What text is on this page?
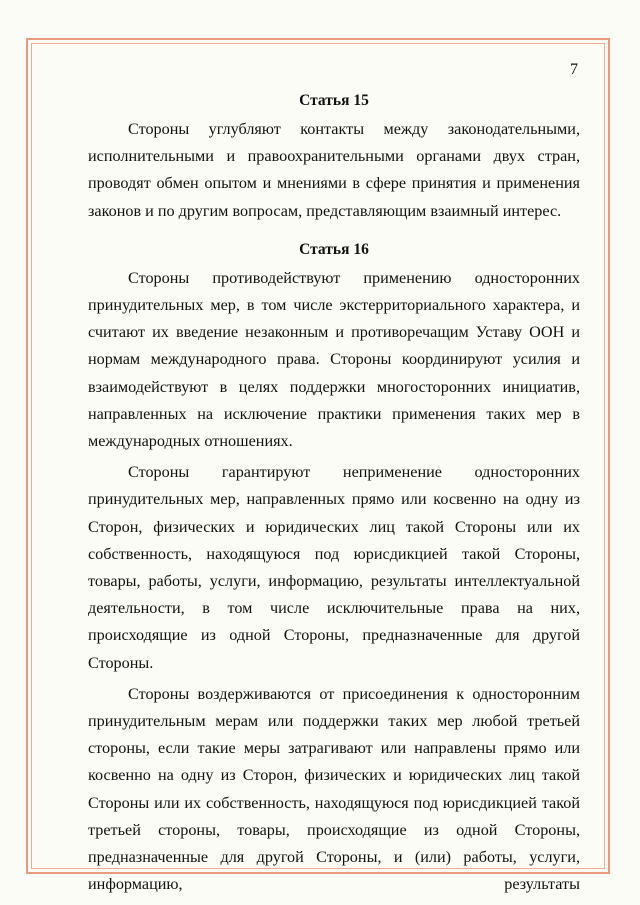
7
Статья 15

Стороны углубляют контакты между законодательными, исполнительными и правоохранительными органами двух стран, проводят обмен опытом и мнениями в сфере принятия и применения законов и по другим вопросам, представляющим взаимный интерес.

Статья 16

Стороны противодействуют применению односторонних принудительных мер, в том числе экстерриториального характера, и считают их введение незаконным и противоречащим Уставу ООН и нормам международного права. Стороны координируют усилия и взаимодействуют в целях поддержки многосторонних инициатив, направленных на исключение практики применения таких мер в международных отношениях.

Стороны гарантируют неприменение односторонних принудительных мер, направленных прямо или косвенно на одну из Сторон, физических и юридических лиц такой Стороны или их собственность, находящуюся под юрисдикцией такой Стороны, товары, работы, услуги, информацию, результаты интеллектуальной деятельности, в том числе исключительные права на них, происходящие из одной Стороны, предназначенные для другой Стороны.

Стороны воздерживаются от присоединения к односторонним принудительным мерам или поддержки таких мер любой третьей стороны, если такие меры затрагивают или направлены прямо или косвенно на одну из Сторон, физических и юридических лиц такой Стороны или их собственность, находящуюся под юрисдикцией такой третьей стороны, товары, происходящие из одной Стороны, предназначенные для другой Стороны, и (или) работы, услуги, информацию, результаты
